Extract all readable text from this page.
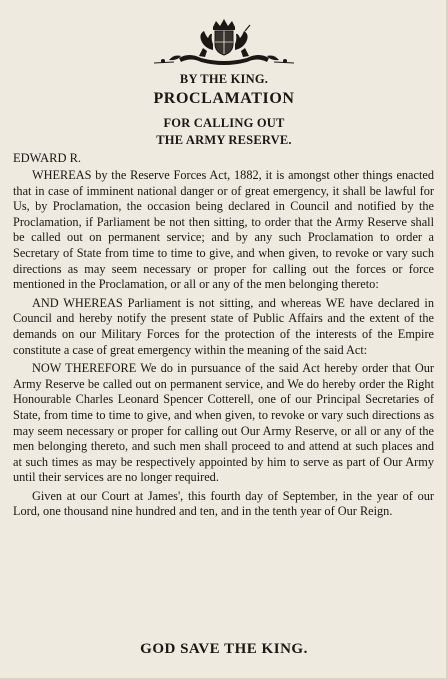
BY THE KING.
PROCLAMATION
FOR CALLING OUT
THE ARMY RESERVE.
EDWARD R.

WHEREAS by the Reserve Forces Act, 1882, it is amongst other things enacted that in case of imminent national danger or of great emergency, it shall be lawful for Us, by Proclamation, the occasion being declared in Council and notified by the Proclamation, if Parliament be not then sitting, to order that the Army Reserve shall be called out on permanent service; and by any such Proclamation to order a Secretary of State from time to time to give, and when given, to revoke or vary such directions as may seem necessary or proper for calling out the forces or force mentioned in the Proclamation, or all or any of the men belonging thereto:

AND WHEREAS Parliament is not sitting, and whereas WE have declared in Council and hereby notify the present state of Public Affairs and the extent of the demands on our Military Forces for the protection of the interests of the Empire constitute a case of great emergency within the meaning of the said Act:

NOW THEREFORE We do in pursuance of the said Act hereby order that Our Army Reserve be called out on permanent service, and We do hereby order the Right Honourable Charles Leonard Spencer Cotterell, one of our Principal Secretaries of State, from time to time to give, and when given, to revoke or vary such directions as may seem necessary or proper for calling out Our Army Reserve, or all or any of the men belonging thereto, and such men shall proceed to and attend at such places and at such times as may be respectively appointed by him to serve as part of Our Army until their services are no longer required.

Given at our Court at James', this fourth day of September, in the year of our Lord, one thousand nine hundred and ten, and in the tenth year of Our Reign.

GOD SAVE THE KING.
